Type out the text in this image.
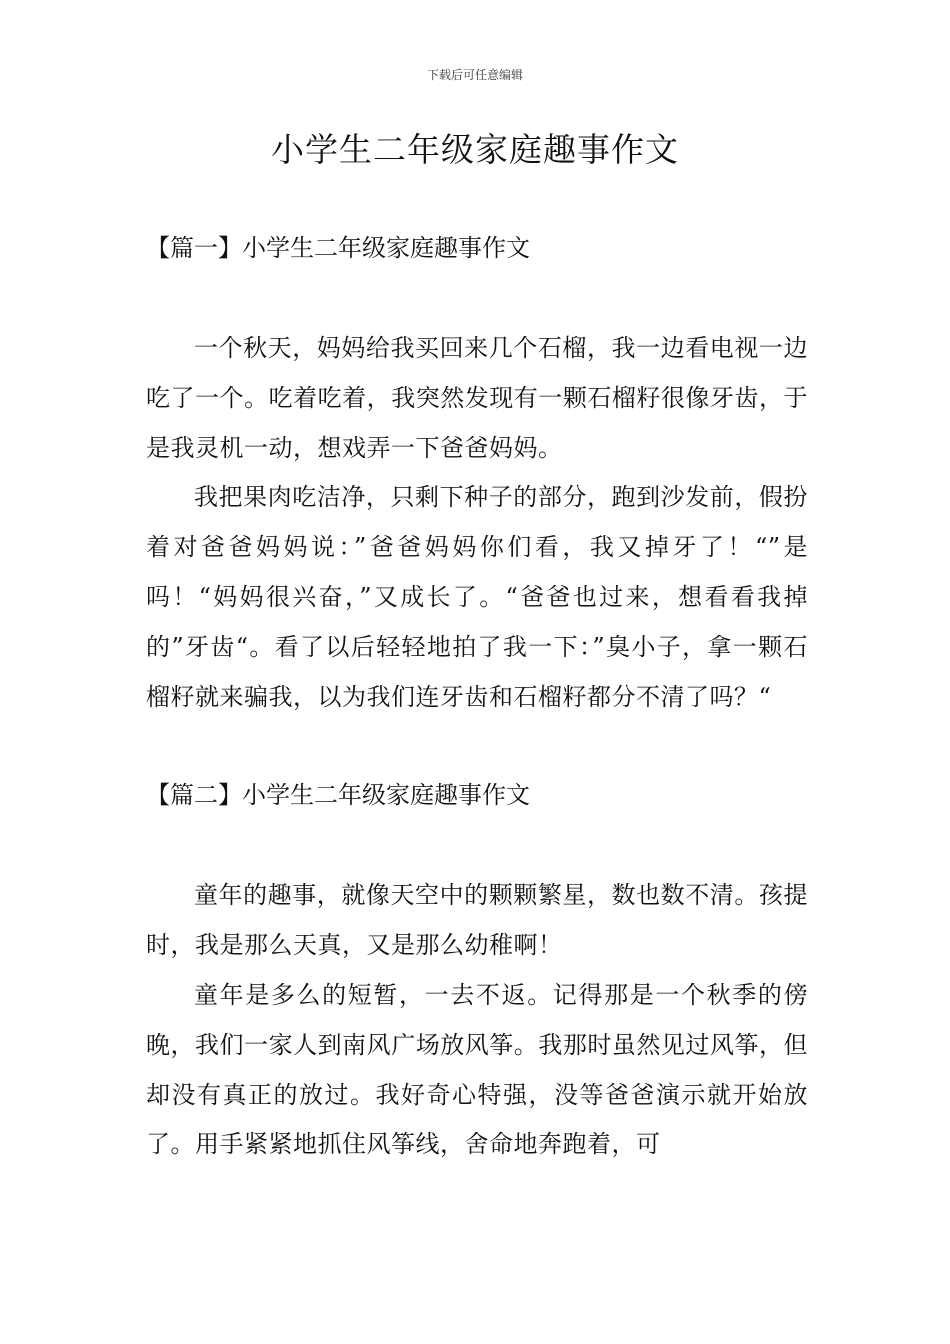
下载后可任意编辑
小学生二年级家庭趣事作文
【篇一】小学生二年级家庭趣事作文

一个秋天，妈妈给我买回来几个石榴，我一边看电视一边吃了一个。吃着吃着，我突然发现有一颗石榴籽很像牙齿，于是我灵机一动，想戏弄一下爸爸妈妈。

我把果肉吃洁净，只剩下种子的部分，跑到沙发前，假扮着对爸爸妈妈说：”爸爸妈妈你们看，我又掉牙了！“”是吗！“妈妈很兴奋，”又成长了。“爸爸也过来，想看看我掉的”牙齿“。看了以后轻轻地拍了我一下：”臭小子，拿一颗石榴籽就来骗我，以为我们连牙齿和石榴籽都分不清了吗？“

【篇二】小学生二年级家庭趣事作文

童年的趣事，就像天空中的颗颗繁星，数也数不清。孩提时，我是那么天真，又是那么幼稚啊！

童年是多么的短暂，一去不返。记得那是一个秋季的傍晚，我们一家人到南风广场放风筝。我那时虽然见过风筝，但却没有真正的放过。我好奇心特强，没等爸爸演示就开始放了。用手紧紧地抓住风筝线，舍命地奔跑着，可
